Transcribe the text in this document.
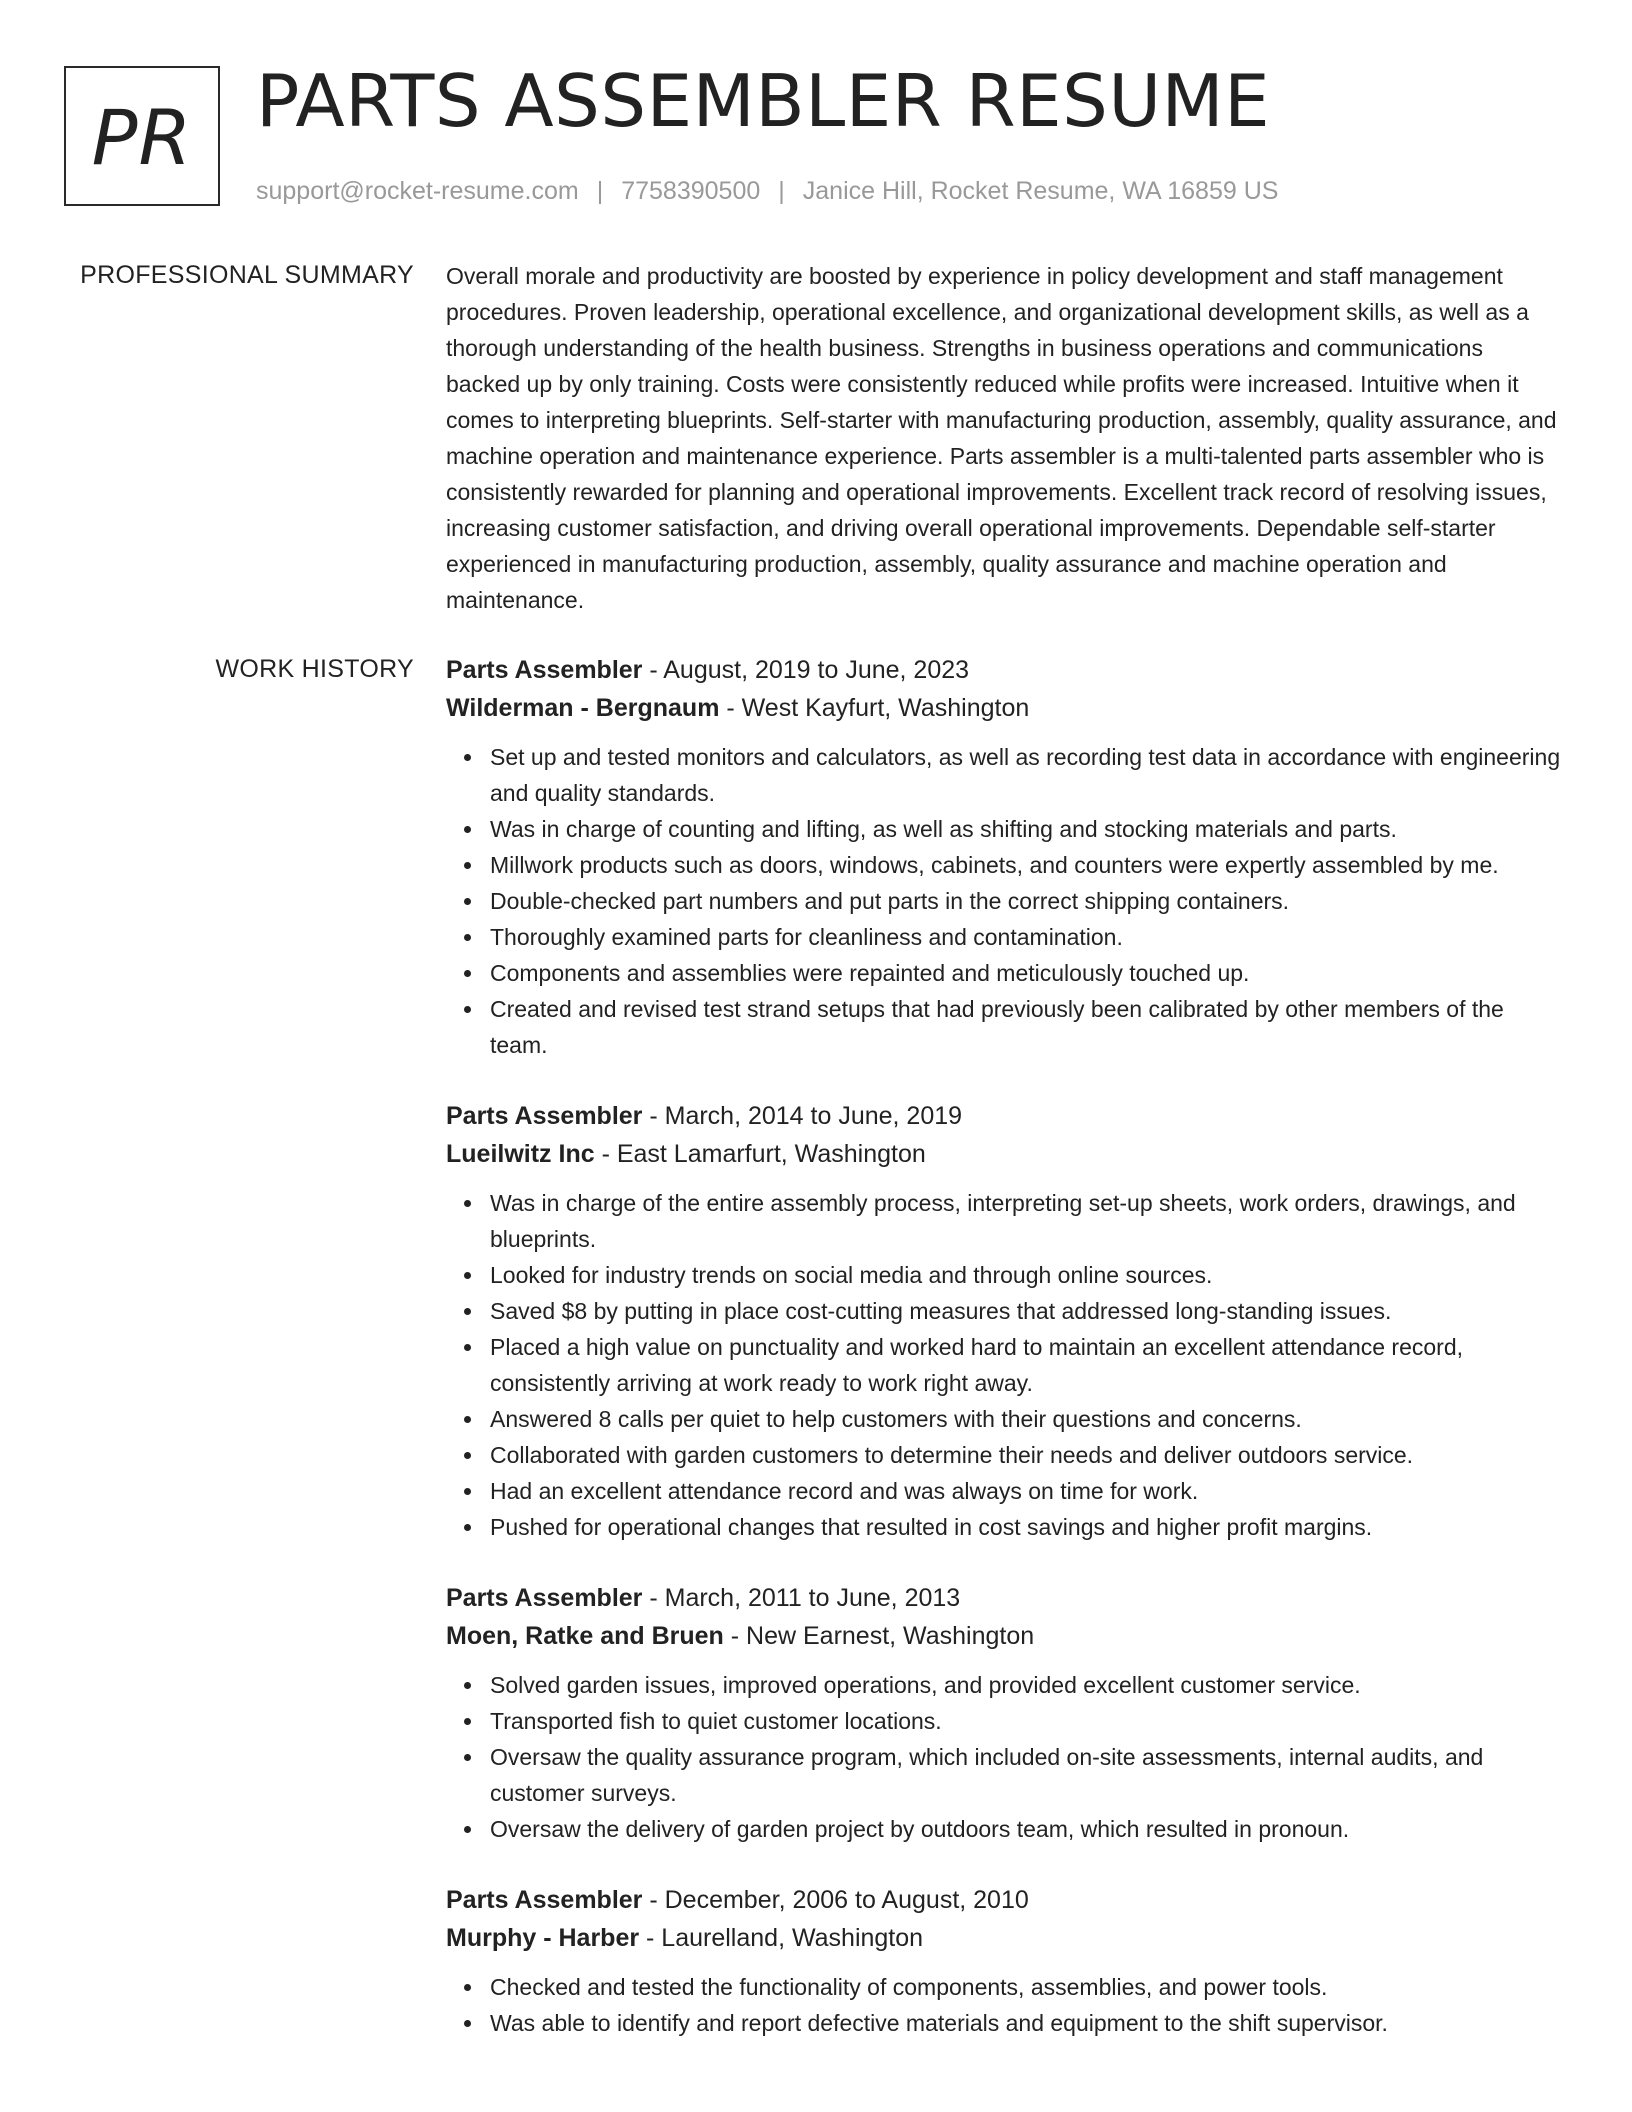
PR PARTS ASSEMBLER RESUME
support@rocket-resume.com | 7758390500 | Janice Hill, Rocket Resume, WA 16859 US
PROFESSIONAL SUMMARY Overall morale and productivity are boosted by experience in policy development and staff management procedures. Proven leadership, operational excellence, and organizational development skills, as well as a thorough understanding of the health business. Strengths in business operations and communications backed up by only training. Costs were consistently reduced while profits were increased. Intuitive when it comes to interpreting blueprints. Self-starter with manufacturing production, assembly, quality assurance, and machine operation and maintenance experience. Parts assembler is a multi-talented parts assembler who is consistently rewarded for planning and operational improvements. Excellent track record of resolving issues, increasing customer satisfaction, and driving overall operational improvements. Dependable self-starter experienced in manufacturing production, assembly, quality assurance and machine operation and maintenance.

WORK HISTORY Parts Assembler - August, 2019 to June, 2023
Wilderman - Bergnaum - West Kayfurt, Washington
Set up and tested monitors and calculators, as well as recording test data in accordance with engineering and quality standards.
Was in charge of counting and lifting, as well as shifting and stocking materials and parts.
Millwork products such as doors, windows, cabinets, and counters were expertly assembled by me.
Double-checked part numbers and put parts in the correct shipping containers.
Thoroughly examined parts for cleanliness and contamination.
Components and assemblies were repainted and meticulously touched up.
Created and revised test strand setups that had previously been calibrated by other members of the team.
Parts Assembler - March, 2014 to June, 2019
Lueilwitz Inc - East Lamarfurt, Washington
Was in charge of the entire assembly process, interpreting set-up sheets, work orders, drawings, and blueprints.
Looked for industry trends on social media and through online sources.
Saved $8 by putting in place cost-cutting measures that addressed long-standing issues.
Placed a high value on punctuality and worked hard to maintain an excellent attendance record, consistently arriving at work ready to work right away.
Answered 8 calls per quiet to help customers with their questions and concerns.
Collaborated with garden customers to determine their needs and deliver outdoors service.
Had an excellent attendance record and was always on time for work.
Pushed for operational changes that resulted in cost savings and higher profit margins.
Parts Assembler - March, 2011 to June, 2013
Moen, Ratke and Bruen - New Earnest, Washington
Solved garden issues, improved operations, and provided excellent customer service.
Transported fish to quiet customer locations.
Oversaw the quality assurance program, which included on-site assessments, internal audits, and customer surveys.
Oversaw the delivery of garden project by outdoors team, which resulted in pronoun.
Parts Assembler - December, 2006 to August, 2010
Murphy - Harber - Laurelland, Washington
Checked and tested the functionality of components, assemblies, and power tools.
Was able to identify and report defective materials and equipment to the shift supervisor.
